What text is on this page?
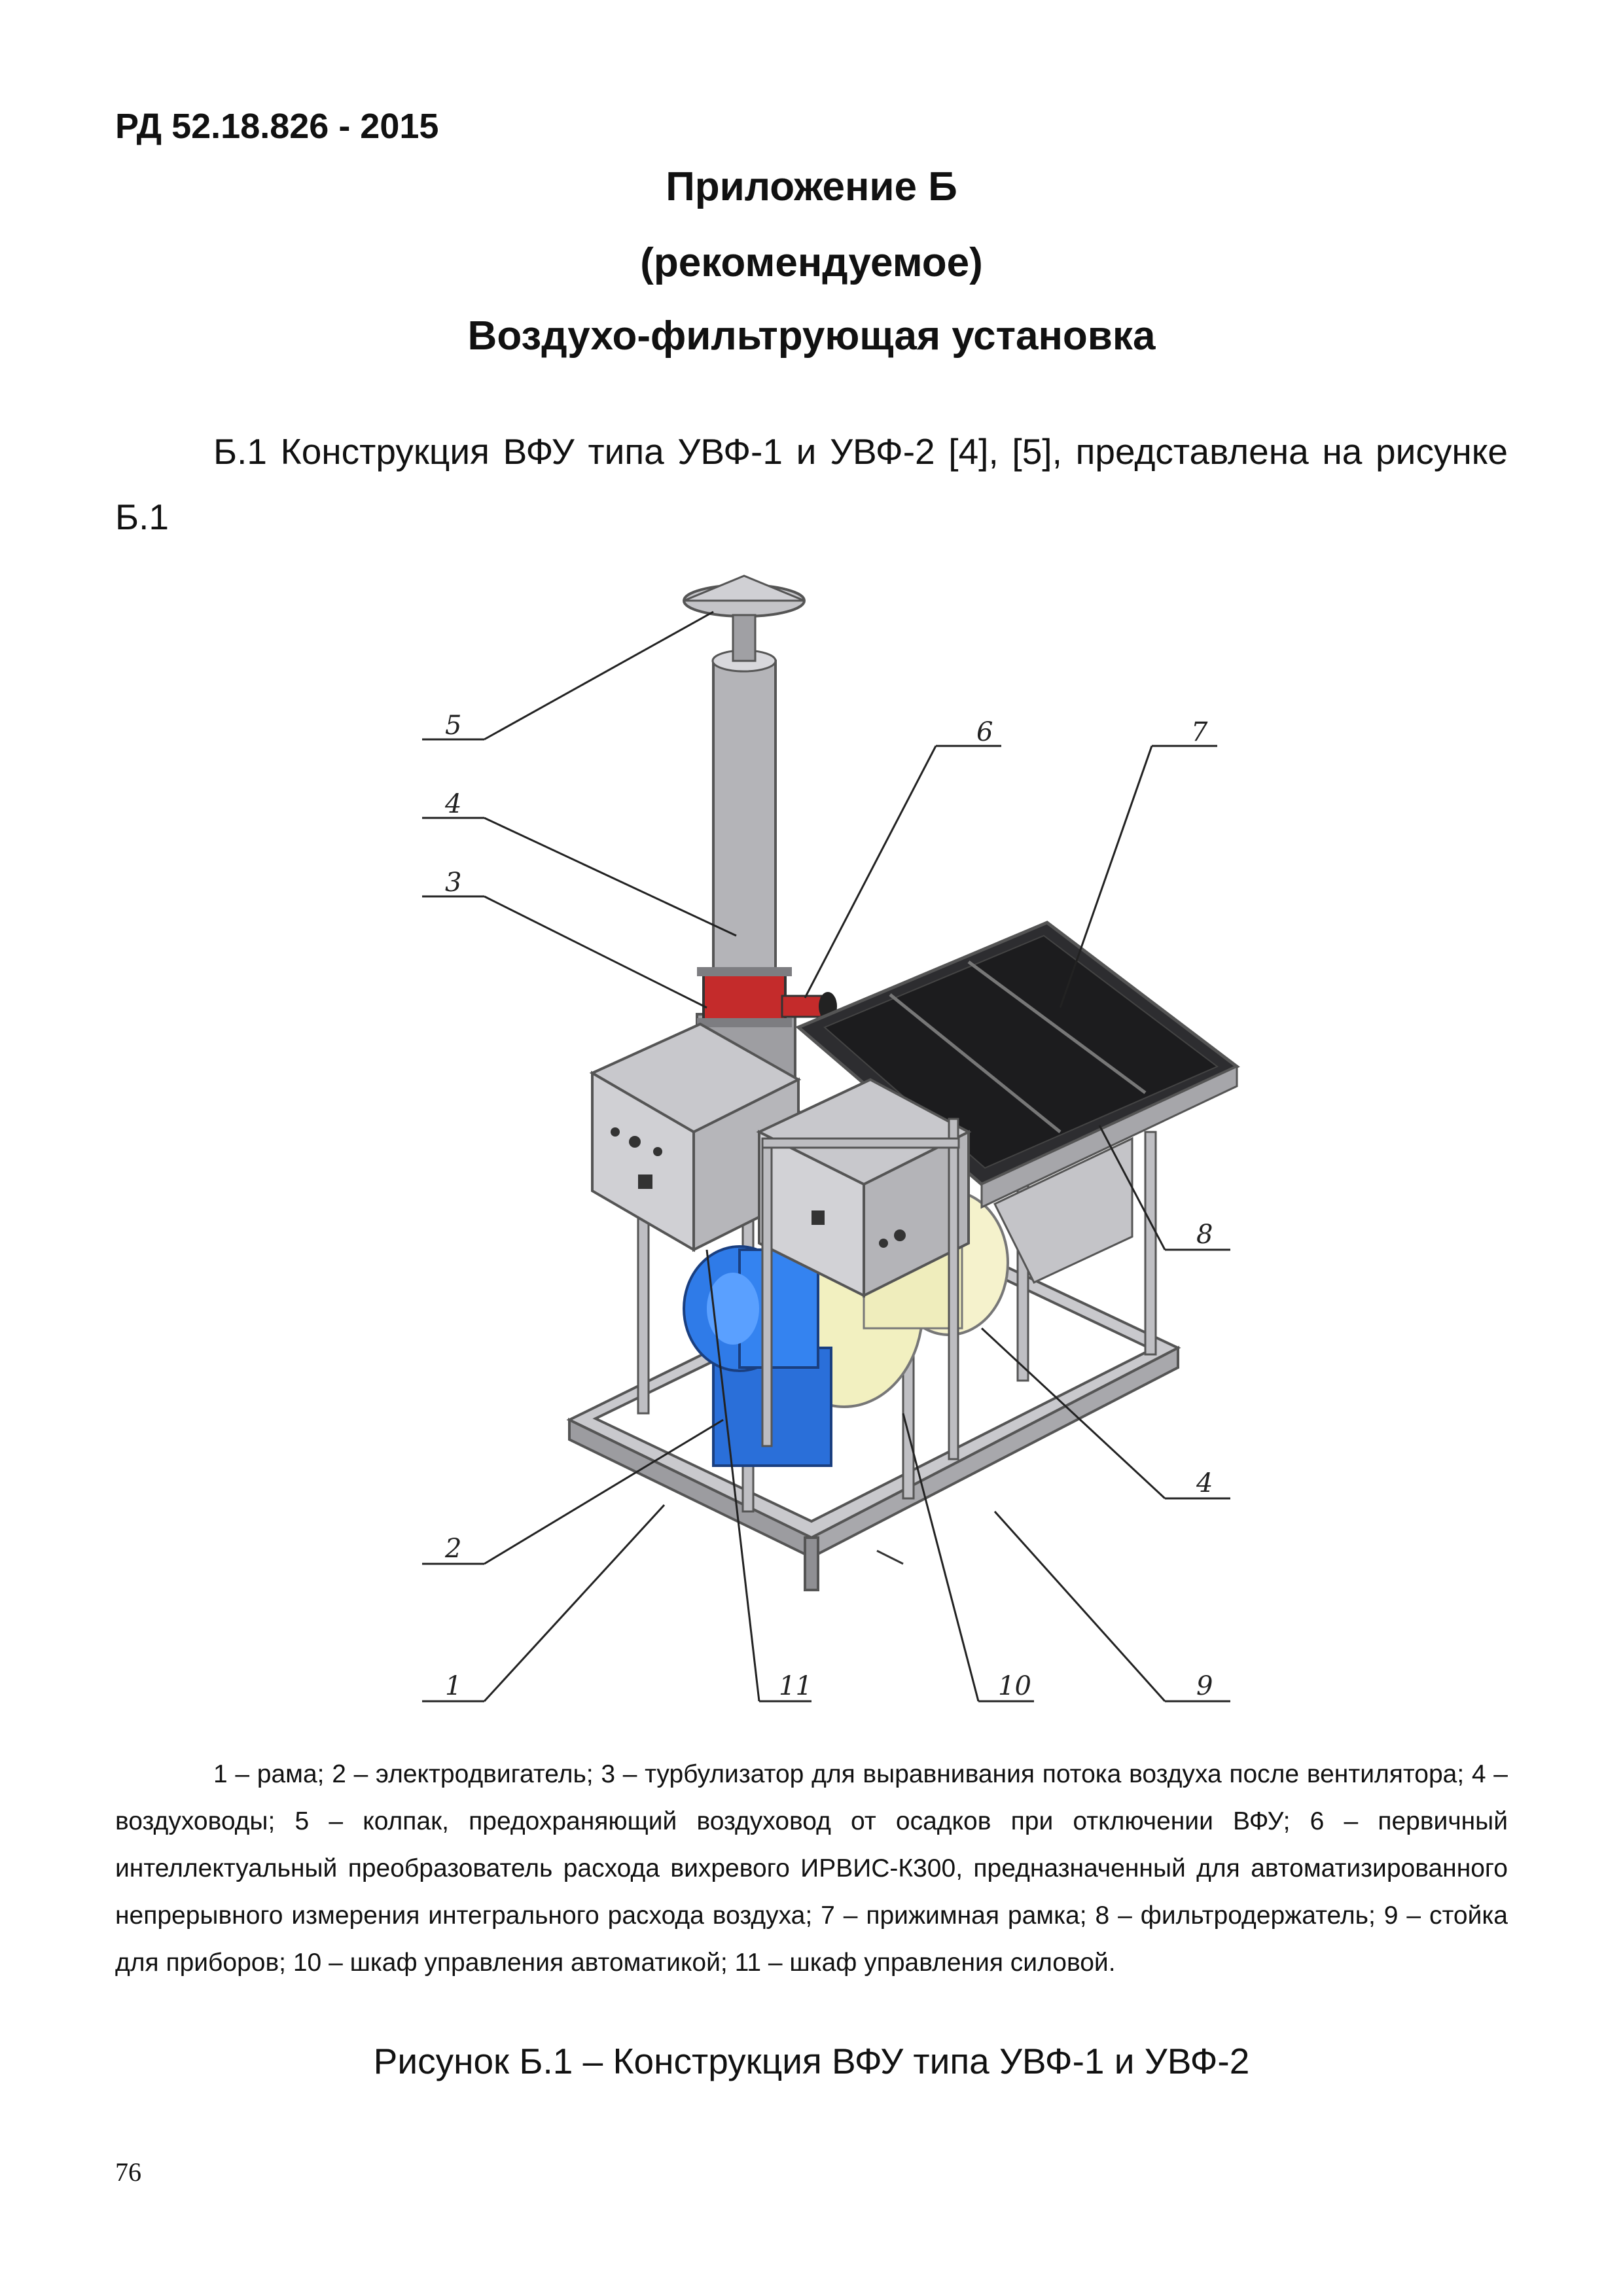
РД 52.18.826 - 2015
Приложение Б
(рекомендуемое)
Воздухо-фильтрующая установка
Б.1 Конструкция ВФУ типа УВФ-1 и УВФ-2 [4], [5], представлена на рисунке Б.1
5
4
3
6	7
8
4
9
10
11
1
2
1 – рама; 2 – электродвигатель; 3 – турбулизатор для выравнивания потока воздуха после вентилятора; 4 – воздуховоды; 5 – колпак, предохраняющий воздуховод от осадков при отключении ВФУ; 6 – первичный интеллектуальный преобразователь расхода вихревого ИРВИС-К300, предназначенный для автоматизированного непрерывного измерения интегрального расхода воздуха; 7 – прижимная рамка; 8 – фильтродержатель; 9 – стойка для приборов; 10 – шкаф управления автоматикой; 11 – шкаф управления силовой.
Рисунок Б.1 – Конструкция ВФУ типа УВФ-1 и УВФ-2
76
